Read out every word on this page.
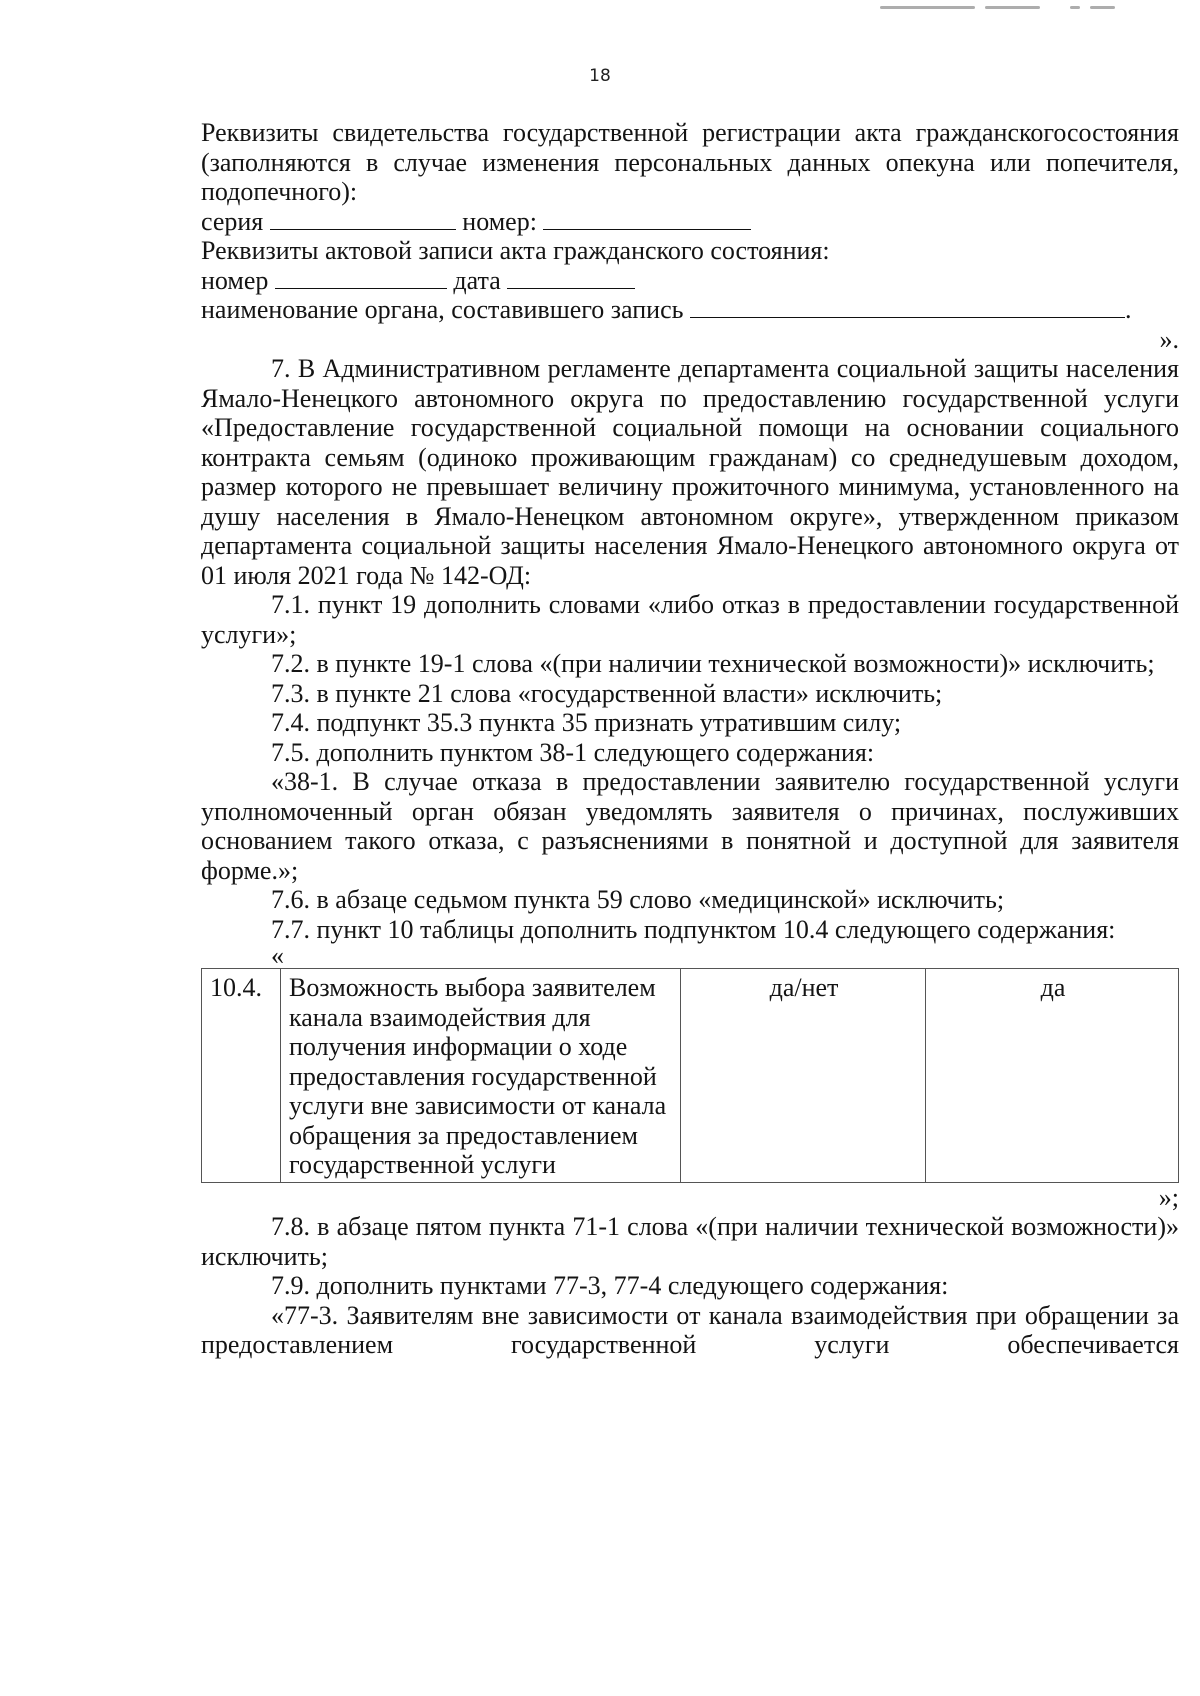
18

Реквизиты свидетельства государственной регистрации акта гражданскогосостояния (заполняются в случае изменения персональных данных опекуна или попечителя, подопечного):

серия	номер:

Реквизиты актовой записи акта гражданского состояния:

номер	дата

наименование органа, составившего запись	.

».

7. В Административном регламенте департамента социальной защиты населения Ямало-Ненецкого автономного округа по предоставлению государственной услуги «Предоставление государственной социальной помощи на основании социального контракта семьям (одиноко проживающим гражданам) со среднедушевым доходом, размер которого не превышает величину прожиточного минимума, установленного на душу населения в Ямало-Ненецком автономном округе», утвержденном приказом департамента социальной защиты населения Ямало-Ненецкого автономного округа от 01 июля 2021 года № 142-ОД:

7.1. пункт 19 дополнить словами «либо отказ в предоставлении государственной услуги»;

7.2. в пункте 19-1 слова «(при наличии технической возможности)» исключить;

7.3. в пункте 21 слова «государственной власти» исключить;

7.4. подпункт 35.3 пункта 35 признать утратившим силу;

7.5. дополнить пунктом 38-1 следующего содержания:

«38-1. В случае отказа в предоставлении заявителю государственной услуги уполномоченный орган обязан уведомлять заявителя о причинах, послуживших основанием такого отказа, с разъяснениями в понятной и доступной для заявителя форме.»;

7.6. в абзаце седьмом пункта 59 слово «медицинской» исключить;

7.7. пункт 10 таблицы дополнить подпунктом 10.4 следующего содержания:

«

10.4.	Возможность выбора заявителем канала взаимодействия для получения информации о ходе предоставления государственной услуги вне зависимости от канала обращения за предоставлением государственной услуги	да/нет	да

»;

7.8. в абзаце пятом пункта 71-1 слова «(при наличии технической возможности)» исключить;

7.9. дополнить пунктами 77-3, 77-4 следующего содержания:

«77-3. Заявителям вне зависимости от канала взаимодействия при обращении за предоставлением государственной услуги обеспечивается
